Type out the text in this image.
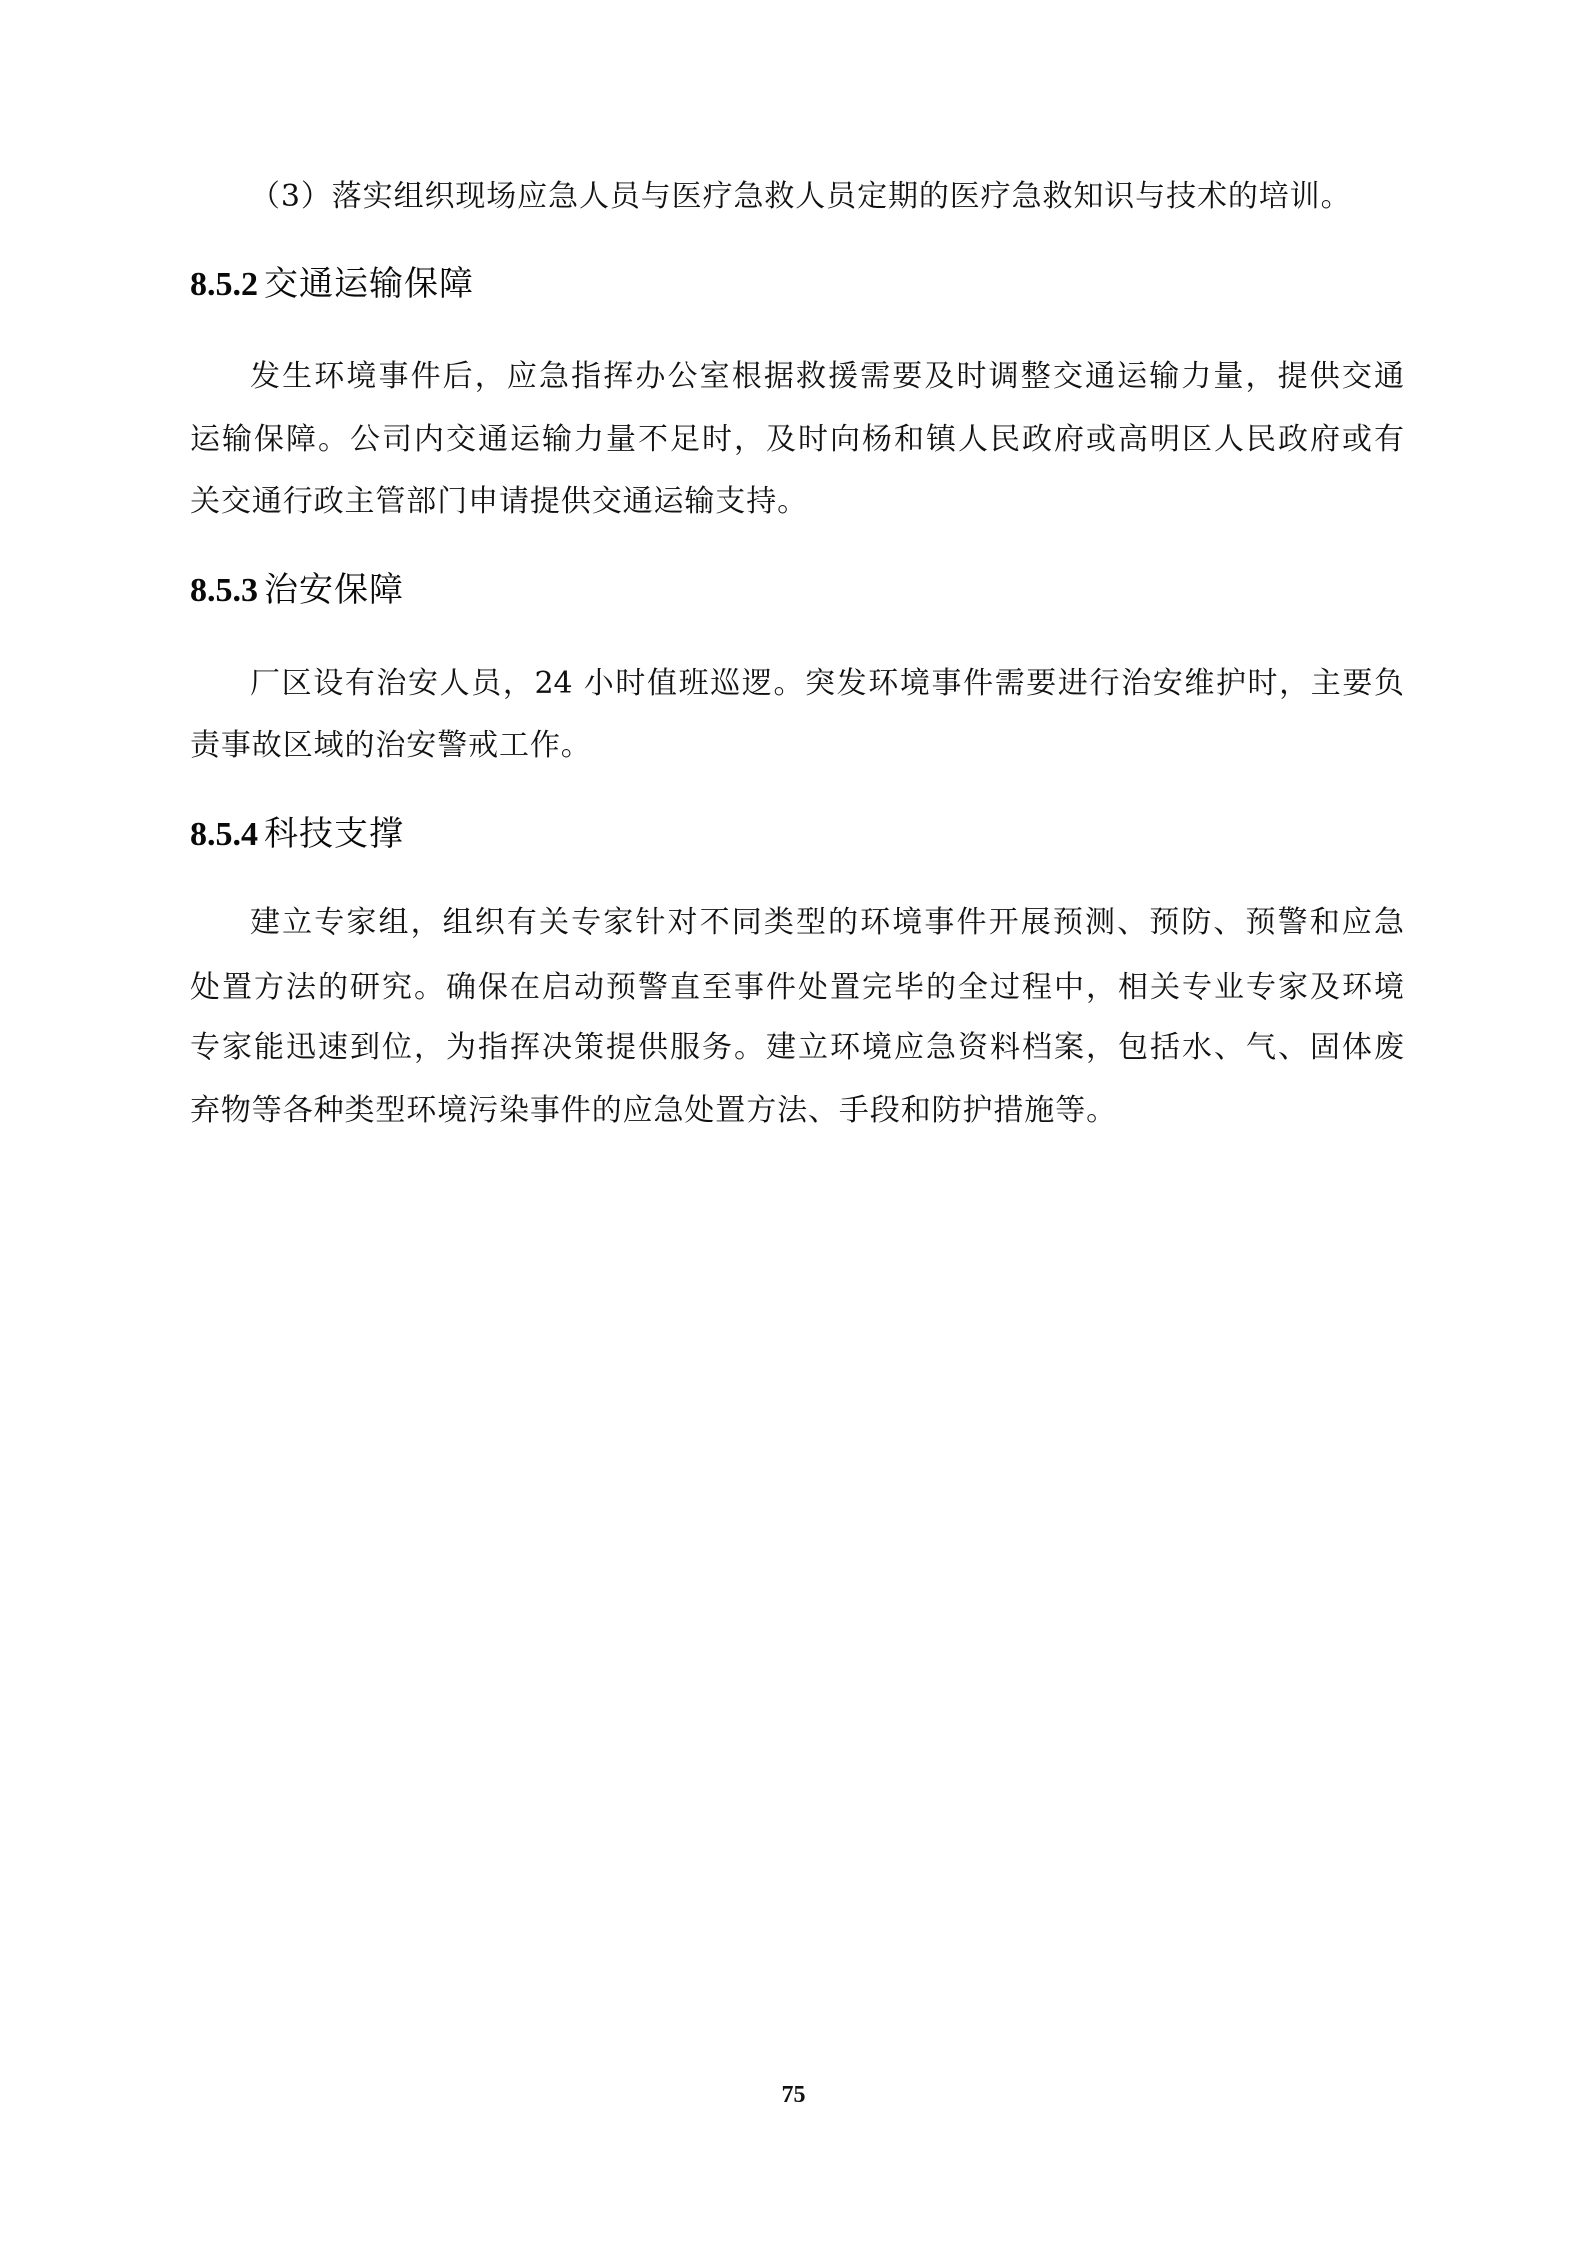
（3）落实组织现场应急人员与医疗急救人员定期的医疗急救知识与技术的培训。
8.5.2 交通运输保障
发生环境事件后，应急指挥办公室根据救援需要及时调整交通运输力量，提供交通
运输保障。公司内交通运输力量不足时，及时向杨和镇人民政府或高明区人民政府或有
关交通行政主管部门申请提供交通运输支持。
8.5.3 治安保障
厂区设有治安人员，24 小时值班巡逻。突发环境事件需要进行治安维护时，主要负
责事故区域的治安警戒工作。
8.5.4 科技支撑
建立专家组，组织有关专家针对不同类型的环境事件开展预测、预防、预警和应急
处置方法的研究。确保在启动预警直至事件处置完毕的全过程中，相关专业专家及环境
专家能迅速到位，为指挥决策提供服务。建立环境应急资料档案，包括水、气、固体废
弃物等各种类型环境污染事件的应急处置方法、手段和防护措施等。
75
